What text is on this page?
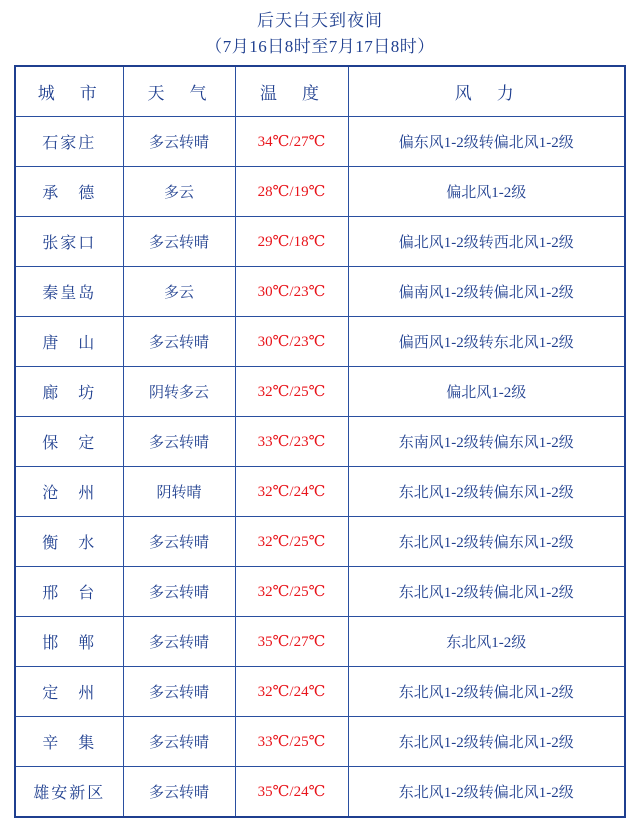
后天白天到夜间
（7月16日8时至7月17日8时）
城　市	天　气	温　度	风　力
石家庄	多云转晴	34℃/27℃	偏东风1-2级转偏北风1-2级
承　德	多云	28℃/19℃	偏北风1-2级
张家口	多云转晴	29℃/18℃	偏北风1-2级转西北风1-2级
秦皇岛	多云	30℃/23℃	偏南风1-2级转偏北风1-2级
唐　山	多云转晴	30℃/23℃	偏西风1-2级转东北风1-2级
廊　坊	阴转多云	32℃/25℃	偏北风1-2级
保　定	多云转晴	33℃/23℃	东南风1-2级转偏东风1-2级
沧　州	阴转晴	32℃/24℃	东北风1-2级转偏东风1-2级
衡　水	多云转晴	32℃/25℃	东北风1-2级转偏东风1-2级
邢　台	多云转晴	32℃/25℃	东北风1-2级转偏北风1-2级
邯　郸	多云转晴	35℃/27℃	东北风1-2级
定　州	多云转晴	32℃/24℃	东北风1-2级转偏北风1-2级
辛　集	多云转晴	33℃/25℃	东北风1-2级转偏北风1-2级
雄安新区	多云转晴	35℃/24℃	东北风1-2级转偏北风1-2级
